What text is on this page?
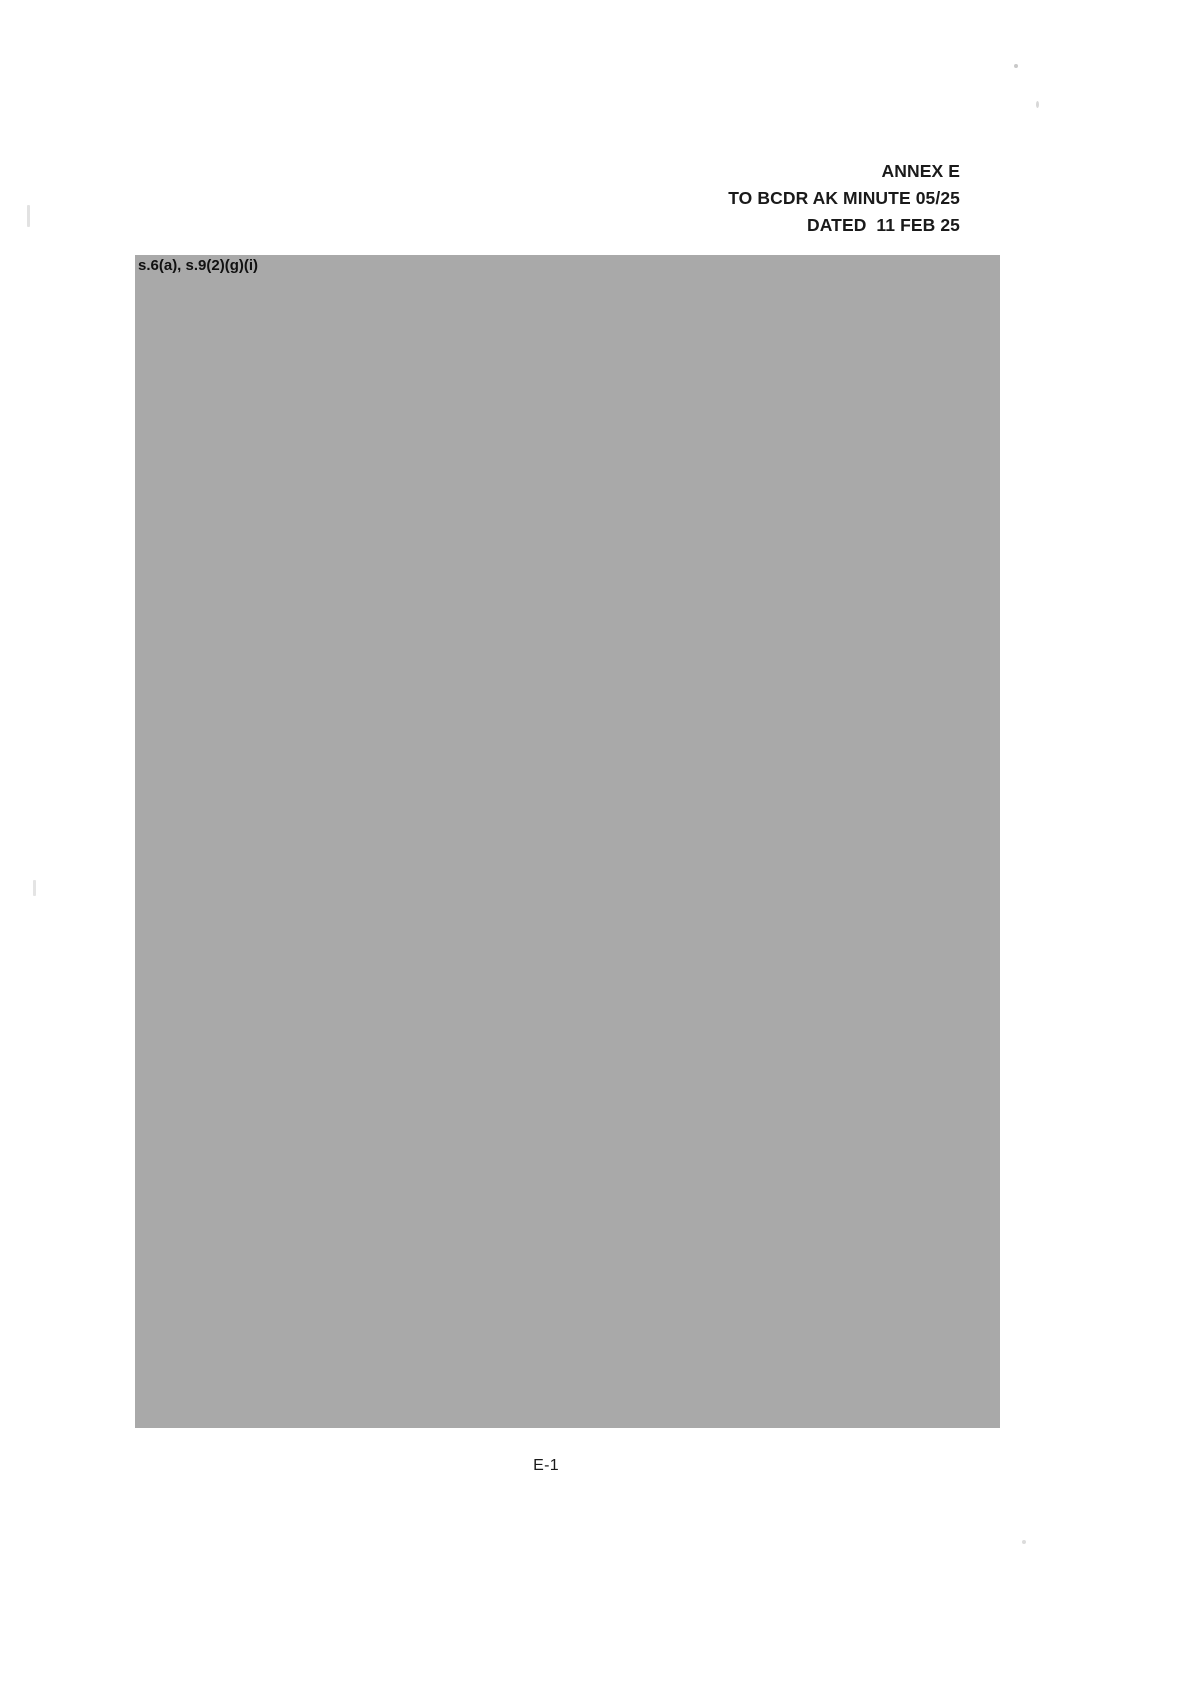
ANNEX E
TO BCDR AK MINUTE 05/25
DATED  11 FEB 25
s.6(a), s.9(2)(g)(i)
E-1
